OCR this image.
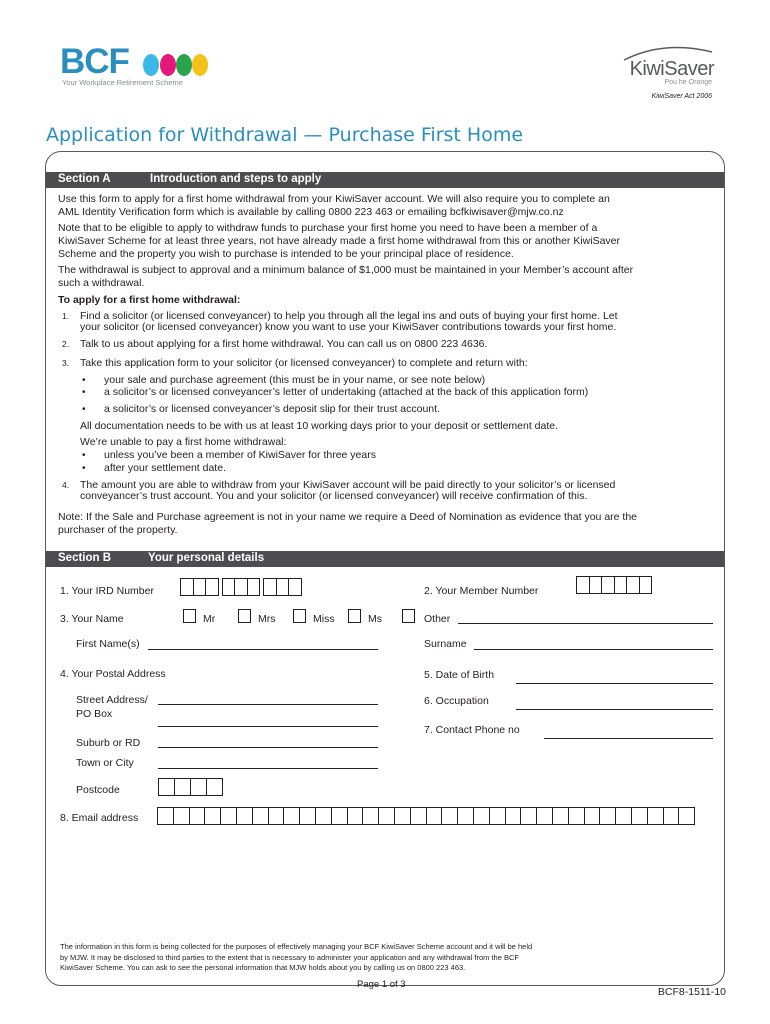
BCF
Your Workplace Retirement Scheme
KiwiSaver
Pou he Orange
KiwiSaver Act 2006
Application for Withdrawal — Purchase First Home
Section A	Introduction and steps to apply
Use this form to apply for a first home withdrawal from your KiwiSaver account. We will also require you to complete an
AML Identity Verification form which is available by calling 0800 223 463 or emailing bcfkiwisaver@mjw.co.nz
Note that to be eligible to apply to withdraw funds to purchase your first home you need to have been a member of a
KiwiSaver Scheme for at least three years, not have already made a first home withdrawal from this or another KiwiSaver
Scheme and the property you wish to purchase is intended to be your principal place of residence.
The withdrawal is subject to approval and a minimum balance of $1,000 must be maintained in your Member’s account after
such a withdrawal.
To apply for a first home withdrawal:
1. Find a solicitor (or licensed conveyancer) to help you through all the legal ins and outs of buying your first home. Let
your solicitor (or licensed conveyancer) know you want to use your KiwiSaver contributions towards your first home.
2. Talk to us about applying for a first home withdrawal. You can call us on 0800 223 4636.
3. Take this application form to your solicitor (or licensed conveyancer) to complete and return with:
• your sale and purchase agreement (this must be in your name, or see note below)
• a solicitor’s or licensed conveyancer’s letter of undertaking (attached at the back of this application form)
• a solicitor’s or licensed conveyancer’s deposit slip for their trust account.
All documentation needs to be with us at least 10 working days prior to your deposit or settlement date.
We’re unable to pay a first home withdrawal:
• unless you’ve been a member of KiwiSaver for three years
• after your settlement date.
4. The amount you are able to withdraw from your KiwiSaver account will be paid directly to your solicitor’s or licensed
conveyancer’s trust account. You and your solicitor (or licensed conveyancer) will receive confirmation of this.
Note: If the Sale and Purchase agreement is not in your name we require a Deed of Nomination as evidence that you are the
purchaser of the property.
Section B	Your personal details
1. Your IRD Number	2. Your Member Number
3. Your Name	Mr	Mrs	Miss	Ms	Other
First Name(s)	Surname
4. Your Postal Address	5. Date of Birth
Street Address/
PO Box
6. Occupation
7. Contact Phone no
Suburb or RD
Town or City
Postcode
8. Email address
The information in this form is being collected for the purposes of effectively managing your BCF KiwiSaver Scheme account and it will be held
by MJW. It may be disclosed to third parties to the extent that is necessary to administer your application and any withdrawal from the BCF
KiwiSaver Scheme. You can ask to see the personal information that MJW holds about you by calling us on 0800 223 463.
Page 1 of 3
BCF8-1511-10
